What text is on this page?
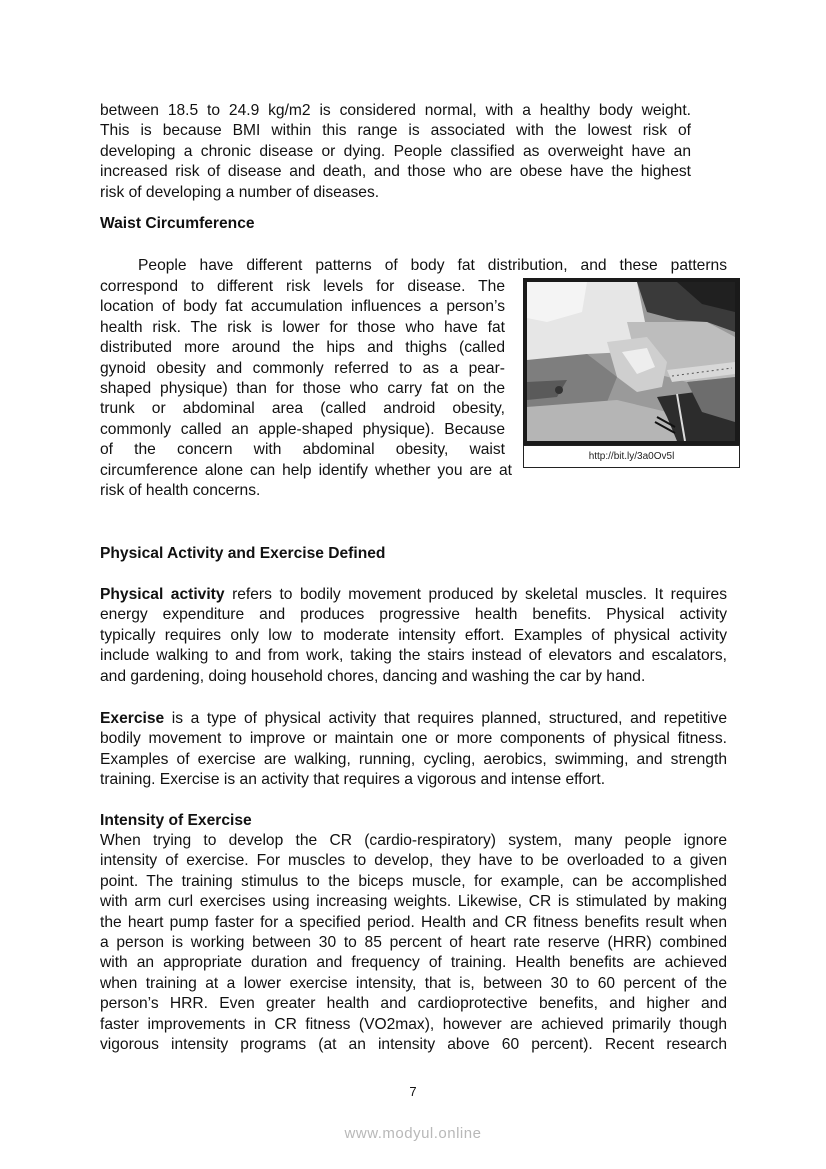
between 18.5 to 24.9 kg/m2 is considered normal, with a healthy body weight.
This is because BMI within this range is associated with the lowest risk of
developing a chronic disease or dying. People classified as overweight have an
increased risk of disease and death, and those who are obese have the highest
risk of developing a number of diseases.
Waist Circumference
People have different patterns of body fat distribution, and these patterns
correspond to different risk levels for disease. The
location of body fat accumulation influences a person’s
health risk. The risk is lower for those who have fat
distributed more around the hips and thighs (called
gynoid obesity and commonly referred to as a pear-
shaped physique) than for those who carry fat on the
trunk or abdominal area (called android obesity,
commonly called an apple-shaped physique). Because
of the concern with abdominal obesity, waist
circumference alone can help identify whether you are at
risk of health concerns.
http://bit.ly/3a0Ov5l
Physical Activity and Exercise Defined
Physical activity refers to bodily movement produced by skeletal muscles. It requires
energy expenditure and produces progressive health benefits. Physical activity
typically requires only low to moderate intensity effort. Examples of physical activity
include walking to and from work, taking the stairs instead of elevators and escalators,
and gardening, doing household chores, dancing and washing the car by hand.
Exercise is a type of physical activity that requires planned, structured, and repetitive
bodily movement to improve or maintain one or more components of physical fitness.
Examples of exercise are walking, running, cycling, aerobics, swimming, and strength
training. Exercise is an activity that requires a vigorous and intense effort.
Intensity of Exercise
When trying to develop the CR (cardio-respiratory) system, many people ignore
intensity of exercise. For muscles to develop, they have to be overloaded to a given
point. The training stimulus to the biceps muscle, for example, can be accomplished
with arm curl exercises using increasing weights. Likewise, CR is stimulated by making
the heart pump faster for a specified period. Health and CR fitness benefits result when
a person is working between 30 to 85 percent of heart rate reserve (HRR) combined
with an appropriate duration and frequency of training. Health benefits are achieved
when training at a lower exercise intensity, that is, between 30 to 60 percent of the
person’s HRR. Even greater health and cardioprotective benefits, and higher and
faster improvements in CR fitness (VO2max), however are achieved primarily though
vigorous intensity programs (at an intensity above 60 percent). Recent research
7
www.modyul.online
